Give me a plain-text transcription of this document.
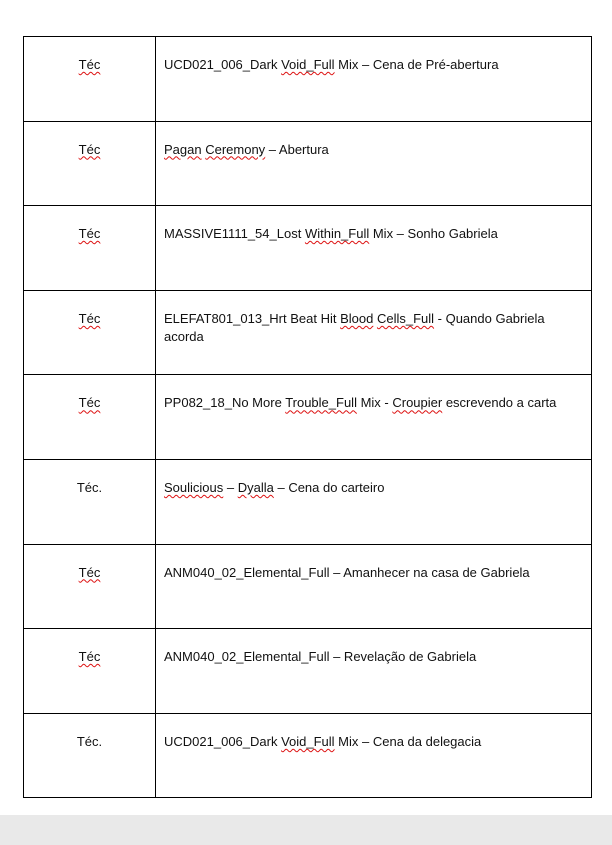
Téc	UCD021_006_Dark Void_Full Mix – Cena de Pré-abertura

Téc	Pagan Ceremony – Abertura

Téc	MASSIVE1111_54_Lost Within_Full Mix – Sonho Gabriela

Téc	ELEFAT801_013_Hrt Beat Hit Blood Cells_Full - Quando Gabriela acorda

Téc	PP082_18_No More Trouble_Full Mix - Croupier escrevendo a carta

Téc.	Soulicious – Dyalla – Cena do carteiro

Téc	ANM040_02_Elemental_Full – Amanhecer na casa de Gabriela

Téc	ANM040_02_Elemental_Full – Revelação de Gabriela

Téc.	UCD021_006_Dark Void_Full Mix – Cena da delegacia
